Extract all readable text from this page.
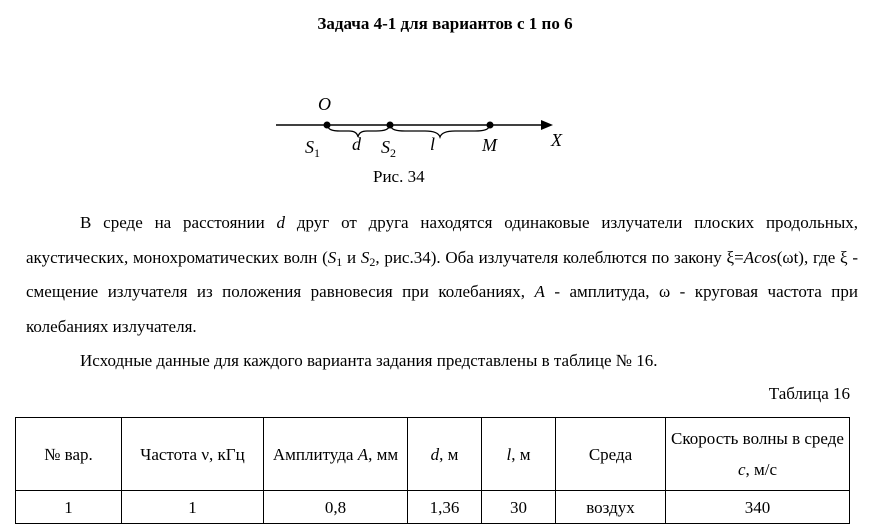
Задача 4-1 для вариантов с 1 по 6
O
$S_1$ d $S_2$ l	M	X
Рис. 34
В среде на расстоянии d друг от друга находятся одинаковые излучатели плоских продольных, акустических, монохроматических волн ($S_1$ и $S_2$, рис.34). Оба излучателя колеблются по закону ξ=Acos(ωt), где ξ - смещение излучателя из положения равновесия при колебаниях, A - амплитуда, ω - круговая частота при колебаниях излучателя.
Исходные данные для каждого варианта задания представлены в таблице № 16.
Таблица 16
№ вар.	Частота ν, кГц	Амплитуда A, мм	d, м	l, м	Среда	Скорость волны в среде c, м/с
1	1	0,8	1,36	30	воздух	340
